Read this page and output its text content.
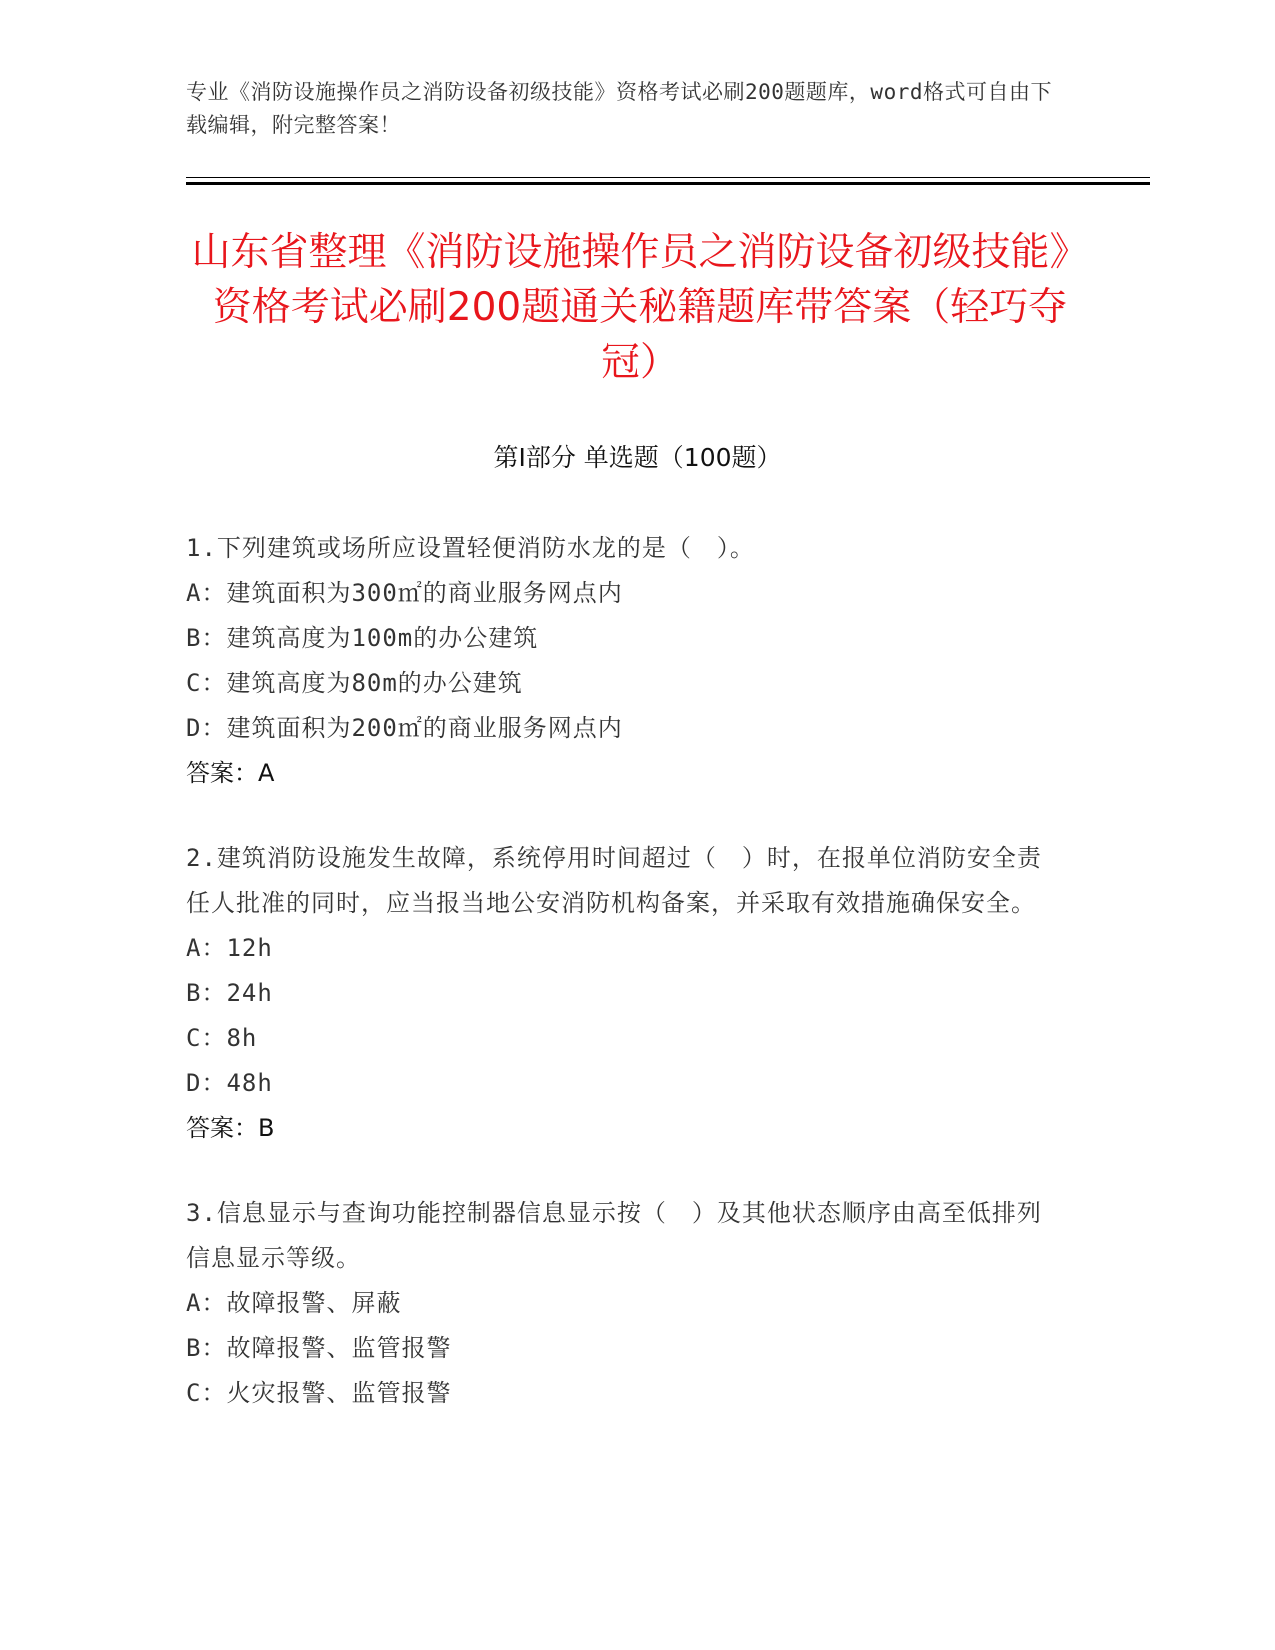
专业《消防设施操作员之消防设备初级技能》资格考试必刷200题题库，word格式可自由下载编辑，附完整答案！
山东省整理《消防设施操作员之消防设备初级技能》资格考试必刷200题通关秘籍题库带答案（轻巧夺冠）
第Ⅰ部分 单选题（100题）
1.下列建筑或场所应设置轻便消防水龙的是（　）。
A：建筑面积为300㎡的商业服务网点内
B：建筑高度为100m的办公建筑
C：建筑高度为80m的办公建筑
D：建筑面积为200㎡的商业服务网点内
答案：A
2.建筑消防设施发生故障，系统停用时间超过（　）时，在报单位消防安全责任人批准的同时，应当报当地公安消防机构备案，并采取有效措施确保安全。
A：12h
B：24h
C：8h
D：48h
答案：B
3.信息显示与查询功能控制器信息显示按（　）及其他状态顺序由高至低排列信息显示等级。
A：故障报警、屏蔽
B：故障报警、监管报警
C：火灾报警、监管报警
